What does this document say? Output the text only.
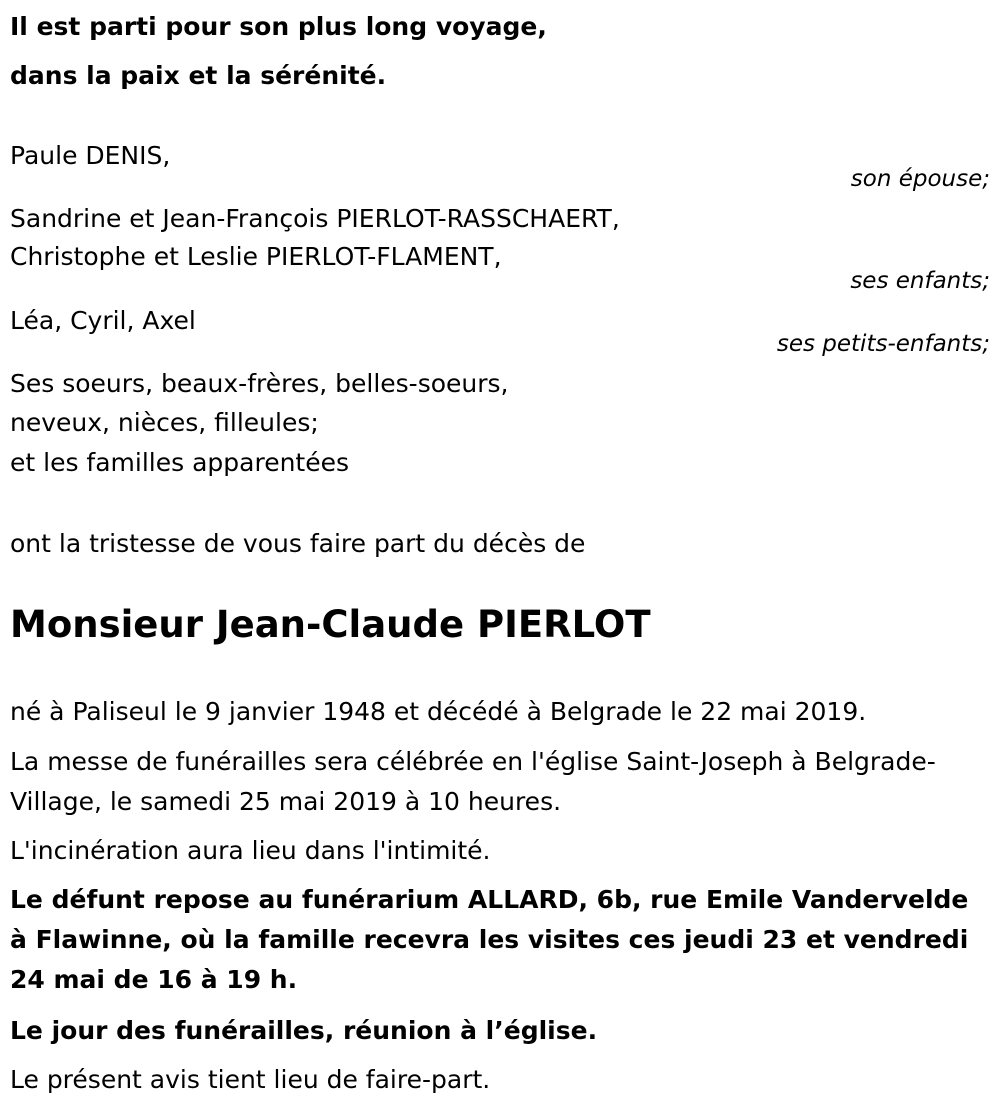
Il est parti pour son plus long voyage,
dans la paix et la sérénité.
Paule DENIS,
son épouse;
Sandrine et Jean-François PIERLOT-RASSCHAERT,
Christophe et Leslie PIERLOT-FLAMENT,
ses enfants;
Léa, Cyril, Axel
ses petits-enfants;
Ses soeurs, beaux-frères, belles-soeurs,
neveux, nièces, filleules;
et les familles apparentées
ont la tristesse de vous faire part du décès de
Monsieur Jean-Claude PIERLOT
né à Paliseul le 9 janvier 1948 et décédé à Belgrade le 22 mai 2019.
La messe de funérailles sera célébrée en l'église Saint-Joseph à Belgrade-Village, le samedi 25 mai 2019 à 10 heures.
L'incinération aura lieu dans l'intimité.
Le défunt repose au funérarium ALLARD, 6b, rue Emile Vandervelde à Flawinne, où la famille recevra les visites ces jeudi 23 et vendredi 24 mai de 16 à 19 h.
Le jour des funérailles, réunion à l’église.
Le présent avis tient lieu de faire-part.
